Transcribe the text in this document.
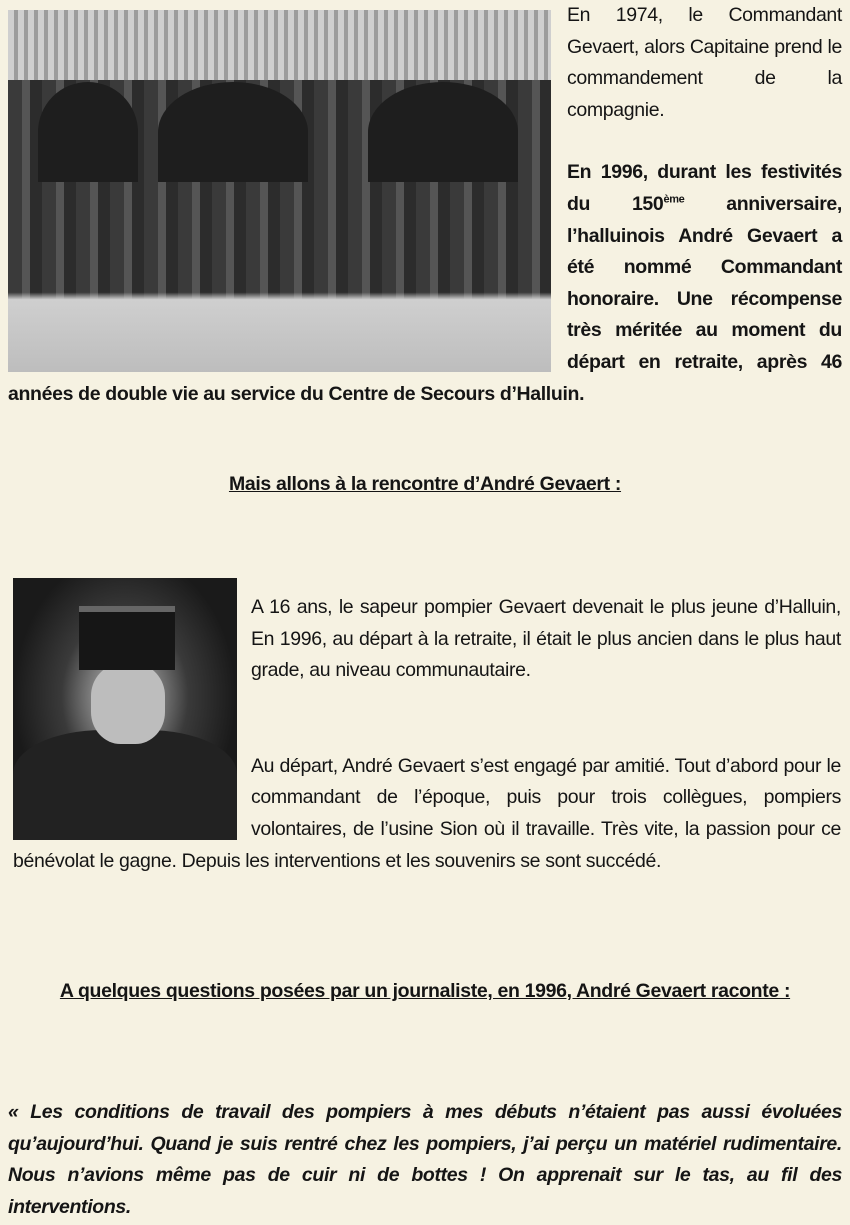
En 1974, le Commandant Gevaert, alors Capitaine prend le commandement de la compagnie.

En 1996, durant les festivités du 150ème anniversaire, l’halluinois André Gevaert a été nommé Commandant honoraire. Une récompense très méritée au moment du départ en retraite, après 46 années de double vie au service du Centre de Secours d’Halluin.

Mais allons à la rencontre d’André Gevaert :

A 16 ans, le sapeur pompier Gevaert devenait le plus jeune d’Halluin, En 1996, au départ à la retraite, il était le plus ancien dans le plus haut grade, au niveau communautaire.

Au départ, André Gevaert s’est engagé par amitié. Tout d’abord pour le commandant de l’époque, puis pour trois collègues, pompiers volontaires, de l’usine Sion où il travaille. Très vite, la passion pour ce bénévolat le gagne. Depuis les interventions et les souvenirs se sont succédé.

A quelques questions posées par un journaliste, en 1996, André Gevaert raconte :

« Les conditions de travail des pompiers à mes débuts n’étaient pas aussi évoluées qu’aujourd’hui. Quand je suis rentré chez les pompiers, j’ai perçu un matériel rudimentaire. Nous n’avions même pas de cuir ni de bottes ! On apprenait sur le tas, au fil des interventions.
